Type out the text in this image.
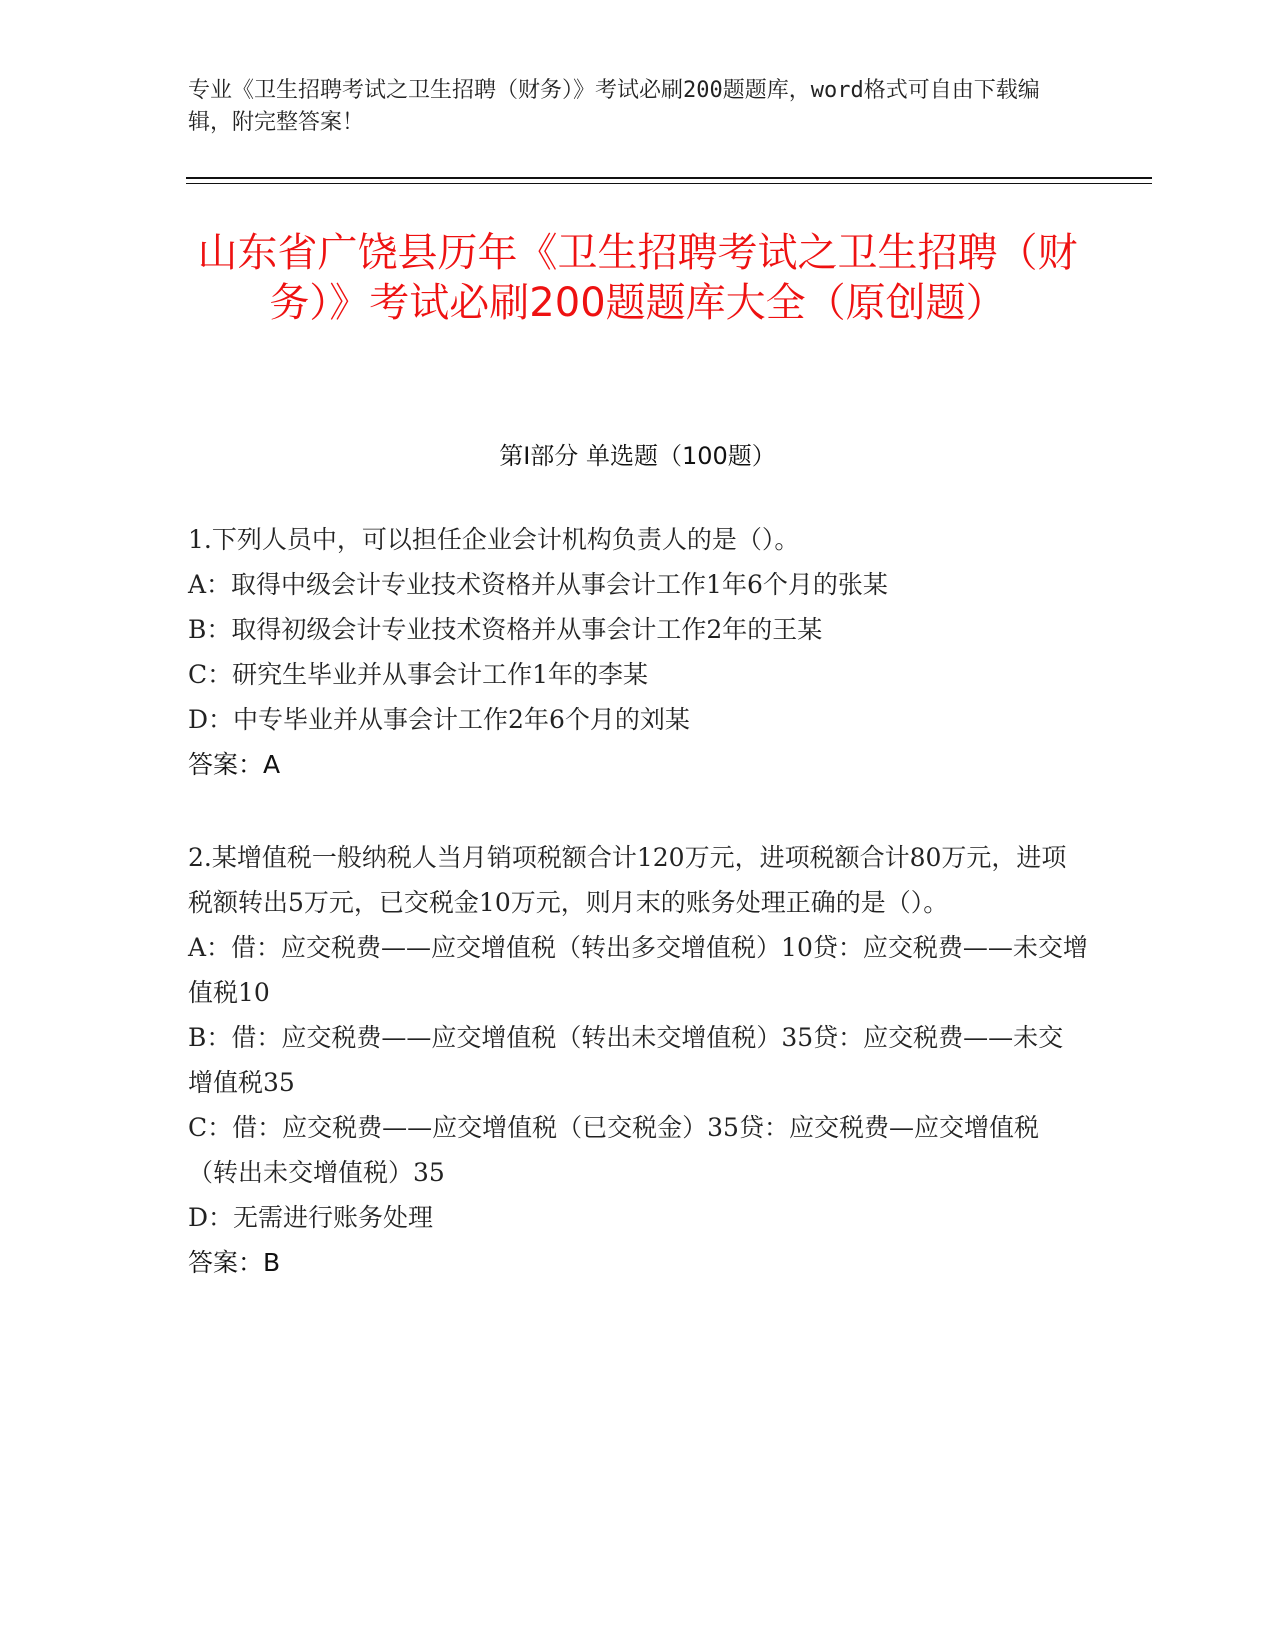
专业《卫生招聘考试之卫生招聘（财务）》考试必刷200题题库，word格式可自由下载编辑，附完整答案！
山东省广饶县历年《卫生招聘考试之卫生招聘（财务）》考试必刷200题题库大全（原创题）
第I部分 单选题（100题）
1.下列人员中，可以担任企业会计机构负责人的是（）。
A：取得中级会计专业技术资格并从事会计工作1年6个月的张某
B：取得初级会计专业技术资格并从事会计工作2年的王某
C：研究生毕业并从事会计工作1年的李某
D：中专毕业并从事会计工作2年6个月的刘某
答案：A
2.某增值税一般纳税人当月销项税额合计120万元，进项税额合计80万元，进项税额转出5万元，已交税金10万元，则月末的账务处理正确的是（）。
A：借：应交税费——应交增值税（转出多交增值税）10贷：应交税费——未交增值税10
B：借：应交税费——应交增值税（转出未交增值税）35贷：应交税费——未交增值税35
C：借：应交税费——应交增值税（已交税金）35贷：应交税费—应交增值税（转出未交增值税）35
D：无需进行账务处理
答案：B
